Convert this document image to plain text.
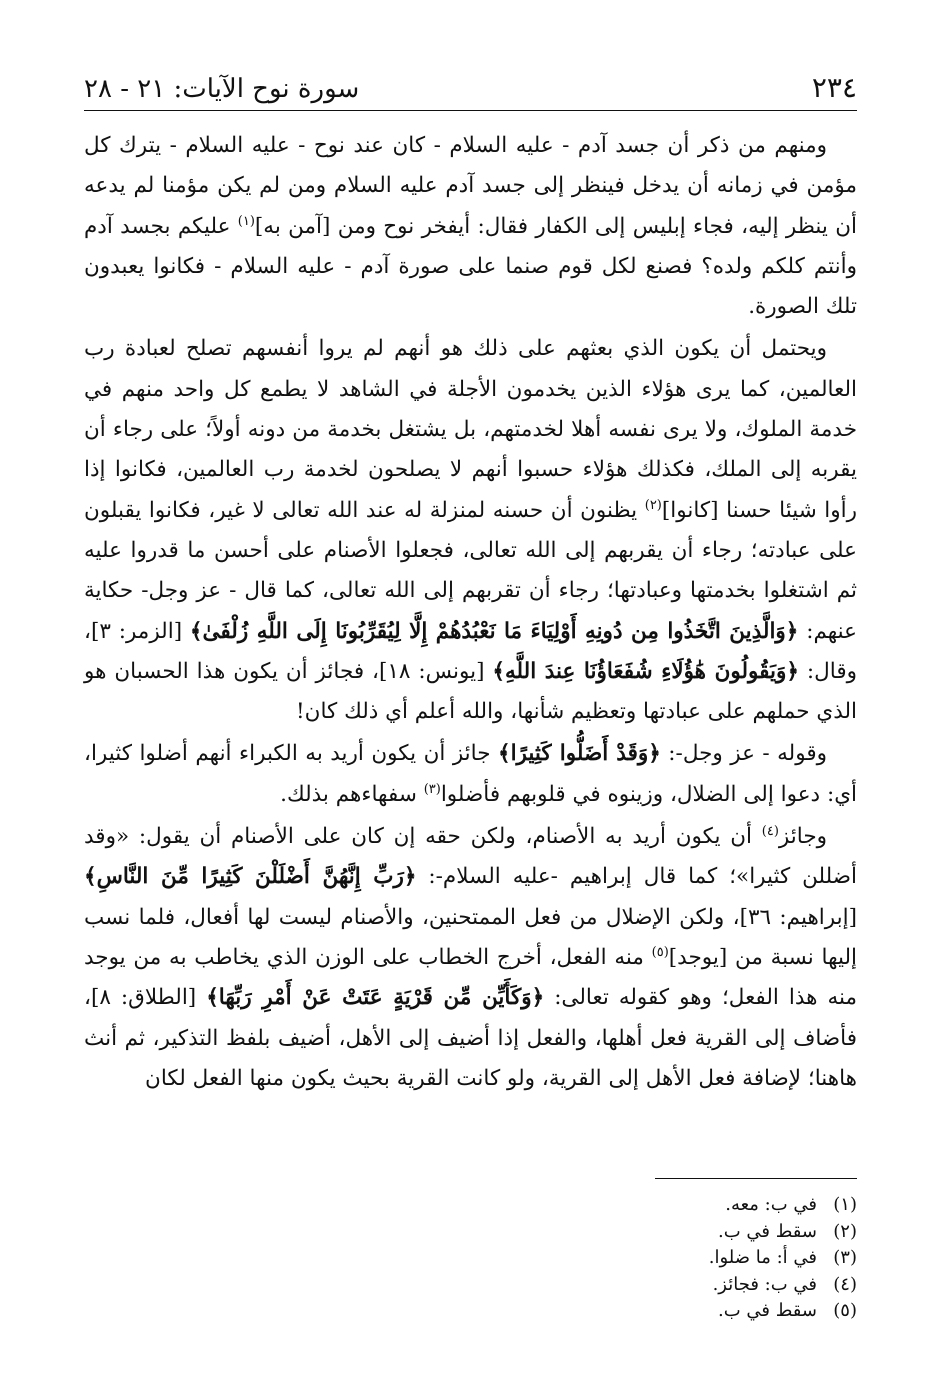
٢٣٤
سورة نوح الآيات: ٢١ - ٢٨

ومنهم من ذكر أن جسد آدم - عليه السلام - كان عند نوح - عليه السلام - يترك كل مؤمن في زمانه أن يدخل فينظر إلى جسد آدم عليه السلام ومن لم يكن مؤمنا لم يدعه أن ينظر إليه، فجاء إبليس إلى الكفار فقال: أيفخر نوح ومن [آمن به]$^{(١)}$ عليكم بجسد آدم وأنتم كلكم ولده؟ فصنع لكل قوم صنما على صورة آدم - عليه السلام - فكانوا يعبدون تلك الصورة.

ويحتمل أن يكون الذي بعثهم على ذلك هو أنهم لم يروا أنفسهم تصلح لعبادة رب العالمين، كما يرى هؤلاء الذين يخدمون الأجلة في الشاهد لا يطمع كل واحد منهم في خدمة الملوك، ولا يرى نفسه أهلا لخدمتهم، بل يشتغل بخدمة من دونه أولاً؛ على رجاء أن يقربه إلى الملك، فكذلك هؤلاء حسبوا أنهم لا يصلحون لخدمة رب العالمين، فكانوا إذا رأوا شيئا حسنا [كانوا]$^{(٢)}$ يظنون أن حسنه لمنزلة له عند الله تعالى لا غير، فكانوا يقبلون على عبادته؛ رجاء أن يقربهم إلى الله تعالى، فجعلوا الأصنام على أحسن ما قدروا عليه ثم اشتغلوا بخدمتها وعبادتها؛ رجاء أن تقربهم إلى الله تعالى، كما قال - عز وجل- حكاية عنهم: ﴿وَالَّذِينَ اتَّخَذُوا مِن دُونِهِ أَوْلِيَاءَ مَا نَعْبُدُهُمْ إِلَّا لِيُقَرِّبُونَا إِلَى اللَّهِ زُلْفَىٰ﴾ [الزمر: ٣]، وقال: ﴿وَيَقُولُونَ هَٰؤُلَاءِ شُفَعَاؤُنَا عِندَ اللَّهِ﴾ [يونس: ١٨]، فجائز أن يكون هذا الحسبان هو الذي حملهم على عبادتها وتعظيم شأنها، والله أعلم أي ذلك كان!

وقوله - عز وجل-: ﴿وَقَدْ أَضَلُّوا كَثِيرًا﴾ جائز أن يكون أريد به الكبراء أنهم أضلوا كثيرا، أي: دعوا إلى الضلال، وزينوه في قلوبهم فأضلوا$^{(٣)}$ سفهاءهم بذلك.

وجائز$^{(٤)}$ أن يكون أريد به الأصنام، ولكن حقه إن كان على الأصنام أن يقول: «وقد أضللن كثيرا»؛ كما قال إبراهيم -عليه السلام-: ﴿رَبِّ إِنَّهُنَّ أَضْلَلْنَ كَثِيرًا مِّنَ النَّاسِ﴾ [إبراهيم: ٣٦]، ولكن الإضلال من فعل الممتحنين، والأصنام ليست لها أفعال، فلما نسب إليها نسبة من [يوجد]$^{(٥)}$ منه الفعل، أخرج الخطاب على الوزن الذي يخاطب به من يوجد منه هذا الفعل؛ وهو كقوله تعالى: ﴿وَكَأَيِّن مِّن قَرْيَةٍ عَتَتْ عَنْ أَمْرِ رَبِّهَا﴾ [الطلاق: ٨]، فأضاف إلى القرية فعل أهلها، والفعل إذا أضيف إلى الأهل، أضيف بلفظ التذكير، ثم أنث هاهنا؛ لإضافة فعل الأهل إلى القرية، ولو كانت القرية بحيث يكون منها الفعل لكان

(١)
في ب: معه.
(٢)
سقط في ب.
(٣)
في أ: ما ضلوا.
(٤)
في ب: فجائز.
(٥)
سقط في ب.
